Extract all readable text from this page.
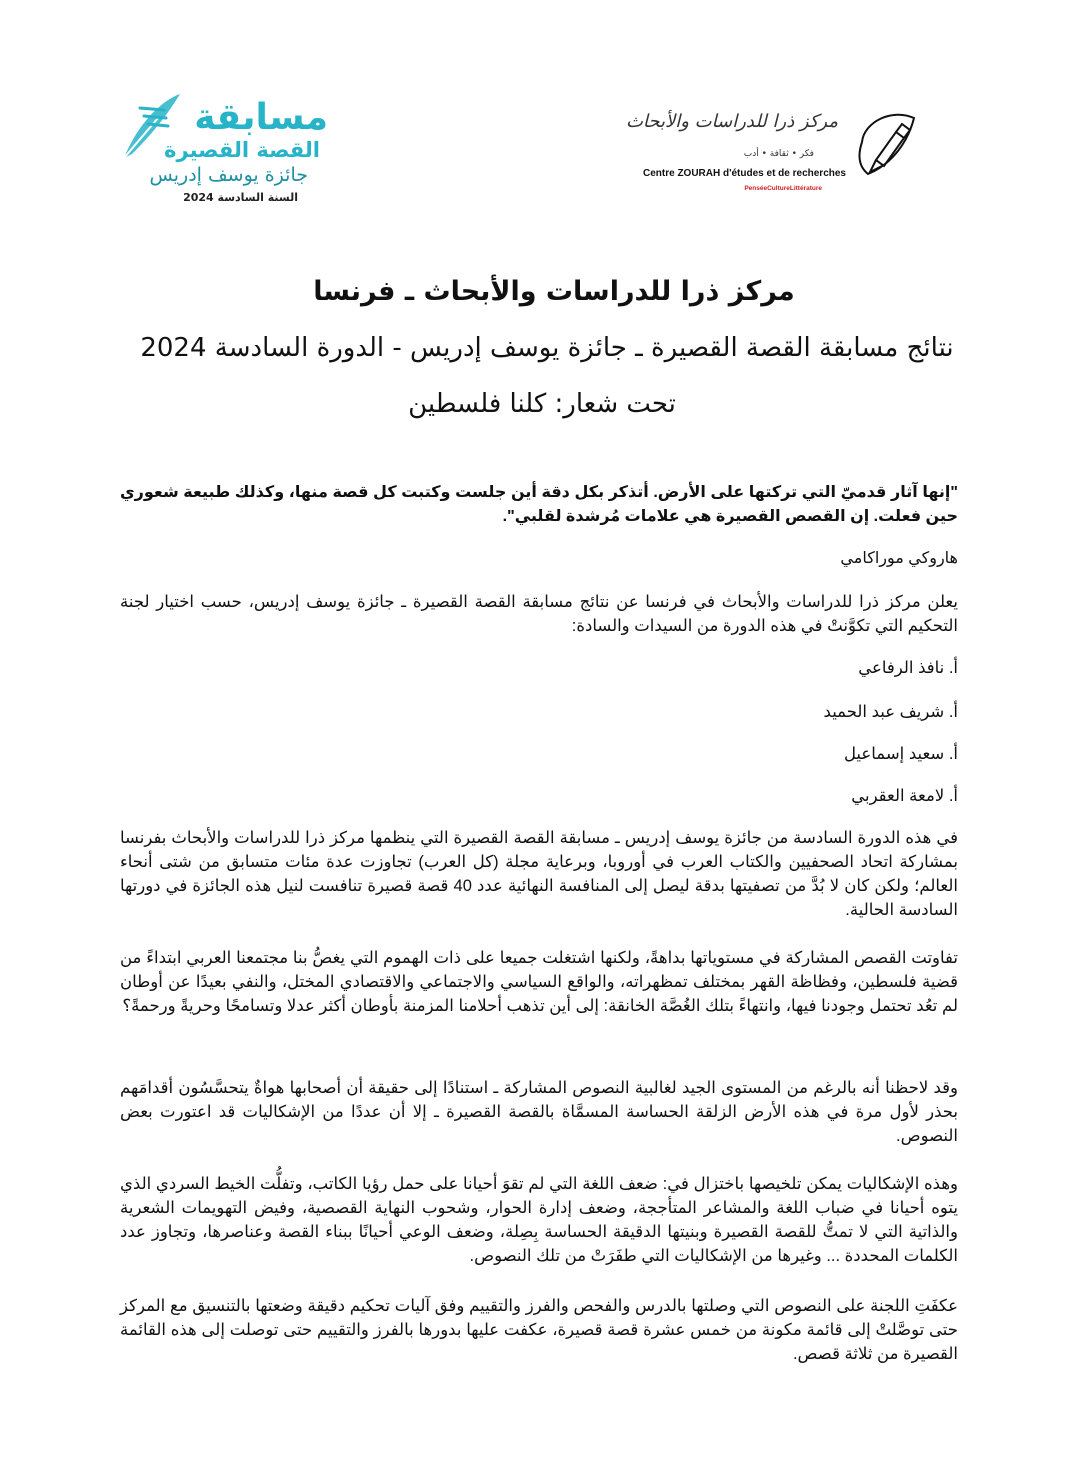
مسابقة
القصة القصيرة
جائزة يوسف إدريس
السنة السادسة 2024
مركز ذرا للدراسات والأبحاث
فكر • ثقافة • أدب
Centre ZOURAH d'études et de recherches
PenséeCultureLittérature
مركز ذرا للدراسات والأبحاث ـ فرنسا
نتائج مسابقة القصة القصيرة ـ جائزة يوسف إدريس - الدورة السادسة 2024
تحت شعار: كلنا فلسطين
"إنها آثار قدميّ التي تركتها على الأرض. أتذكر بكل دقة أين جلست وكتبت كل قصة منها، وكذلك طبيعة شعوري حين فعلت. إن القصص القصيرة هي علامات مُرشدة لقلبي".
هاروكي موراكامي
يعلن مركز ذرا للدراسات والأبحاث في فرنسا عن نتائج مسابقة القصة القصيرة ـ جائزة يوسف إدريس، حسب اختيار لجنة التحكيم التي تكوَّنتْ في هذه الدورة من السيدات والسادة:
أ. نافذ الرفاعي
أ. شريف عبد الحميد
أ. سعيد إسماعيل
أ. لامعة العقربي
في هذه الدورة السادسة من جائزة يوسف إدريس ـ مسابقة القصة القصيرة التي ينظمها مركز ذرا للدراسات والأبحاث بفرنسا بمشاركة اتحاد الصحفيين والكتاب العرب في أوروبا، وبرعاية مجلة (كل العرب) تجاوزت عدة مئات متسابق من شتى أنحاء العالم؛ ولكن كان لا بُدَّ من تصفيتها بدقة ليصل إلى المنافسة النهائية عدد 40 قصة قصيرة تنافست لنيل هذه الجائزة في دورتها السادسة الحالية.
تفاوتت القصص المشاركة في مستوياتها بداهةً، ولكنها اشتغلت جميعا على ذات الهموم التي يغصُّ بنا مجتمعنا العربي ابتداءً من قضية فلسطين، وفظاظة القهر بمختلف تمظهراته، والواقع السياسي والاجتماعي والاقتصادي المختل، والنفي بعيدًا عن أوطان لم تعُد تحتمل وجودنا فيها، وانتهاءً بتلك الغُصَّة الخانقة: إلى أين تذهب أحلامنا المزمنة بأوطان أكثر عدلا وتسامحًا وحريةً ورحمةً؟
وقد لاحظنا أنه بالرغم من المستوى الجيد لغالبية النصوص المشاركة ـ استنادًا إلى حقيقة أن أصحابها هواةٌ يتحسَّسُون أقدامَهم بحذر لأول مرة في هذه الأرض الزلقة الحساسة المسمَّاة بالقصة القصيرة ـ إلا أن عددًا من الإشكاليات قد اعتورت بعض النصوص.
وهذه الإشكاليات يمكن تلخيصها باختزال في: ضعف اللغة التي لم تقوَ أحيانا على حمل رؤيا الكاتب، وتفلُّت الخيط السردي الذي يتوه أحيانا في ضباب اللغة والمشاعر المتأججة، وضعف إدارة الحوار، وشحوب النهاية القصصية، وفيض التهويمات الشعرية والذاتية التي لا تمتُّ للقصة القصيرة وبنيتها الدقيقة الحساسة بِصِلة، وضعف الوعي أحيانًا ببناء القصة وعناصرها، وتجاوز عدد الكلمات المحددة ... وغيرها من الإشكاليات التي طفَرَتْ من تلك النصوص.
عكفَتِ اللجنة على النصوص التي وصلتها بالدرس والفحص والفرز والتقييم وفق آليات تحكيم دقيقة وضعتها بالتنسيق مع المركز حتى توصَّلتْ إلى قائمة مكونة من خمس عشرة قصة قصيرة، عكفت عليها بدورها بالفرز والتقييم حتى توصلت إلى هذه القائمة القصيرة من ثلاثة قصص.
